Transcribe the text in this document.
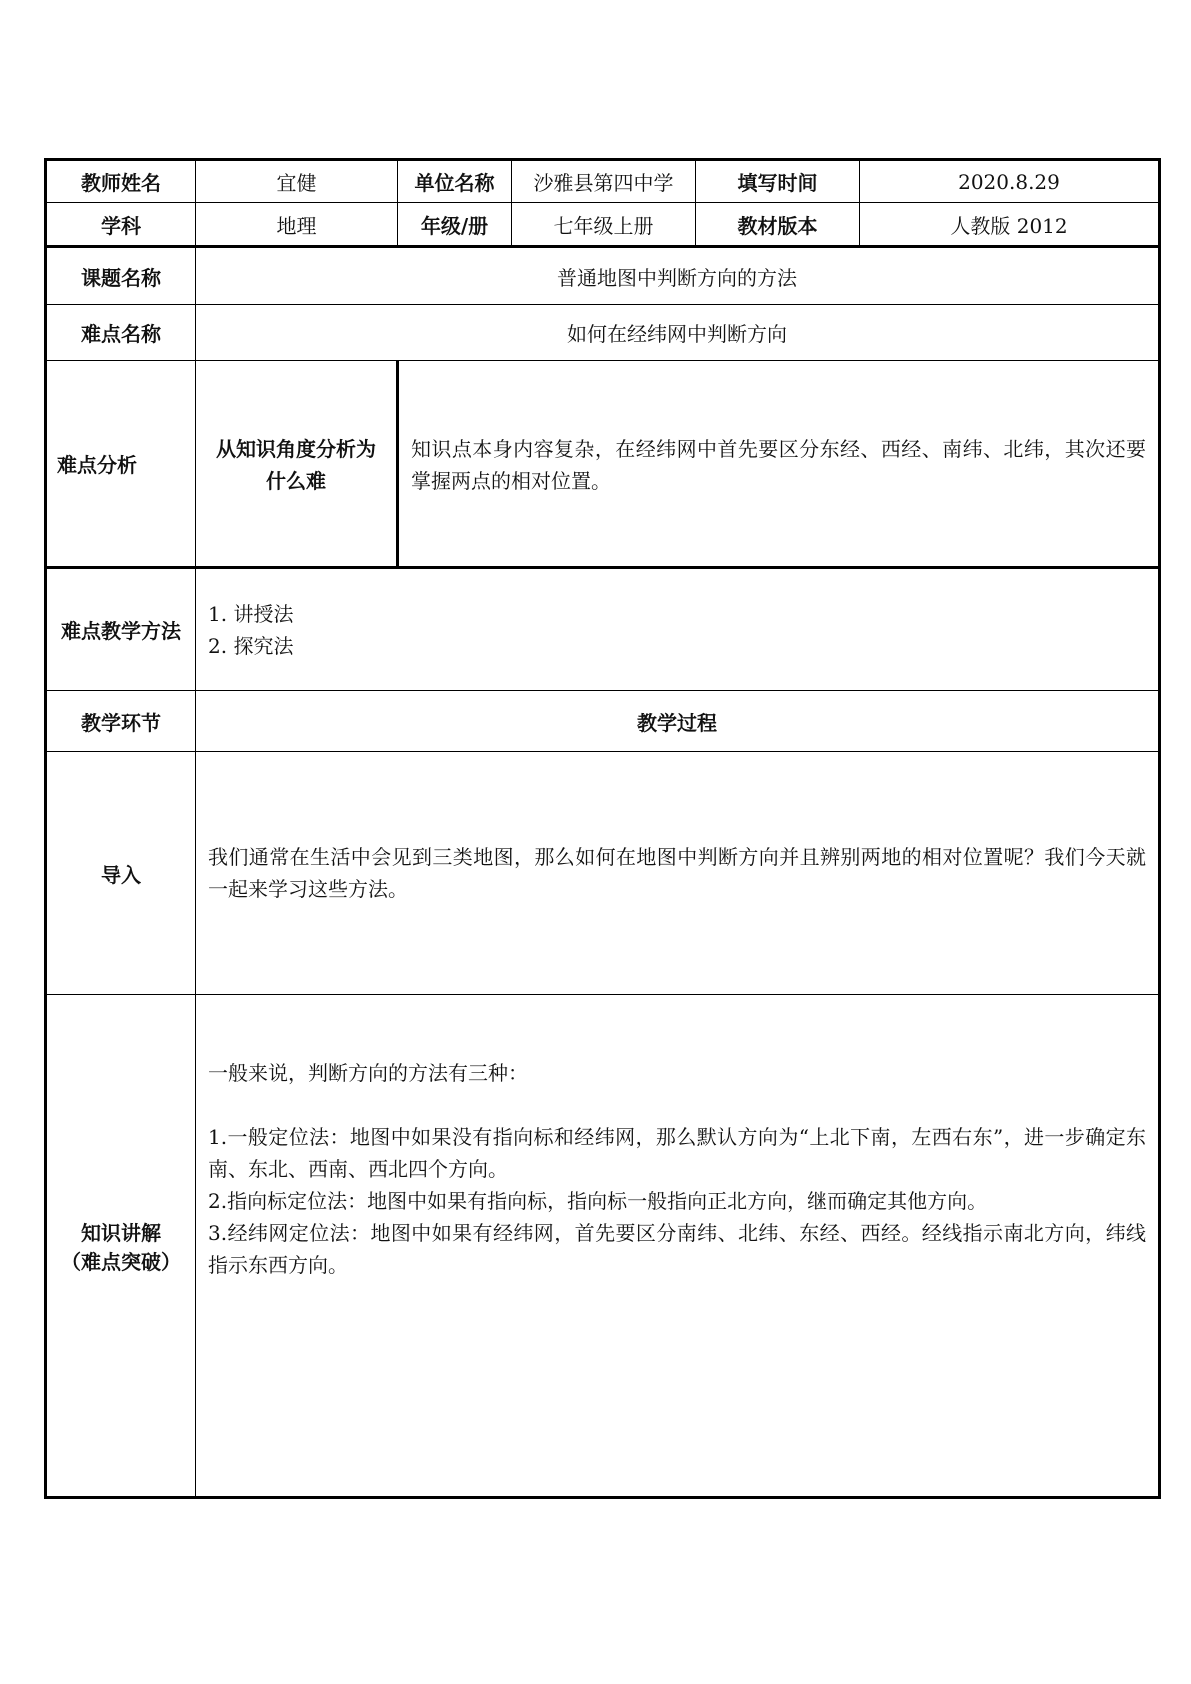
教师姓名	宜健	单位名称	沙雅县第四中学	填写时间	2020.8.29
学科	地理	年级/册	七年级上册	教材版本	人教版 2012
课题名称	普通地图中判断方向的方法				
难点名称	如何在经纬网中判断方向				
难点分析	从知识角度分析为什么难	知识点本身内容复杂，在经纬网中首先要区分东经、西经、南纬、北纬，其次还要掌握两点的相对位置。			
难点教学方法	1. 讲授法
2. 探究法				

教学环节	教学过程				
导入	我们通常在生活中会见到三类地图，那么如何在地图中判断方向并且辨别两地的相对位置呢？我们今天就一起来学习这些方法。				

知识讲解
（难点突破）	一般来说，判断方向的方法有三种：
1.一般定位法：地图中如果没有指向标和经纬网，那么默认方向为“上北下南，左西右东”，进一步确定东南、东北、西南、西北四个方向。
2.指向标定位法：地图中如果有指向标，指向标一般指向正北方向，继而确定其他方向。
3.经纬网定位法：地图中如果有经纬网，首先要区分南纬、北纬、东经、西经。经线指示南北方向，纬线指示东西方向。				
